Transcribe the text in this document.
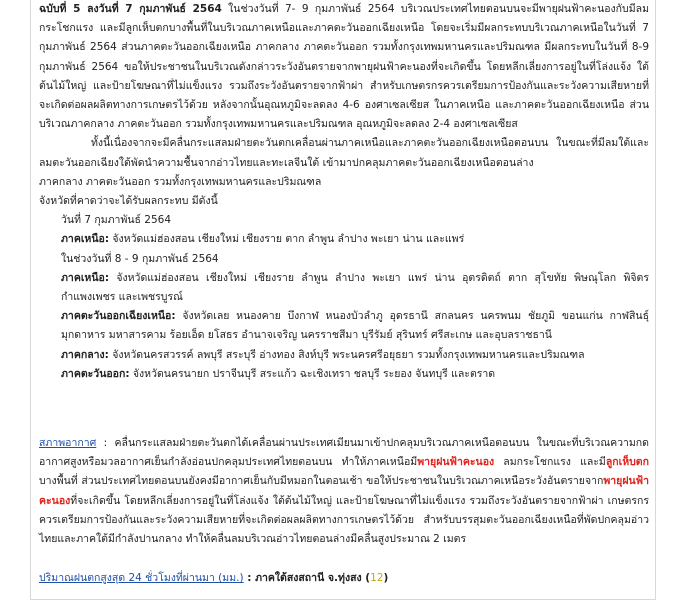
ฉบับที่ 5 ลงวันที่ 7 กุมภาพันธ์ 2564 ในช่วงวันที่ 7- 9 กุมภาพันธ์ 2564 บริเวณประเทศไทยตอนบนจะมีพายุฝนฟ้าคะนองกับมีลมกระโชกแรง และมีลูกเห็บตกบางพื้นที่ในบริเวณภาคเหนือและภาคตะวันออกเฉียงเหนือ โดยจะเริ่มมีผลกระทบบริเวณภาคเหนือในวันที่ 7 กุมภาพันธ์ 2564 ส่วนภาคตะวันออกเฉียงเหนือ ภาคกลาง ภาคตะวันออก รวมทั้งกรุงเทพมหานครและปริมณฑล มีผลกระทบในวันที่ 8-9 กุมภาพันธ์ 2564 ขอให้ประชาชนในบริเวณดังกล่าวระวังอันตรายจากพายุฝนฟ้าคะนองที่จะเกิดขึ้น โดยหลีกเลี่ยงการอยู่ในที่โล่งแจ้ง ใต้ต้นไม้ใหญ่ และป้ายโฆษณาที่ไม่แข็งแรง รวมถึงระวังอันตรายจากฟ้าผ่า สำหรับเกษตรกรควรเตรียมการป้องกันและระวังความเสียหายที่จะเกิดต่อผลผลิตทางการเกษตรไว้ด้วย หลังจากนั้นอุณหภูมิจะลดลง 4-6 องศาเซลเซียส ในภาคเหนือ และภาคตะวันออกเฉียงเหนือ ส่วนบริเวณภาคกลาง ภาคตะวันออก รวมทั้งกรุงเทพมหานครและปริมณฑล อุณหภูมิจะลดลง 2-4 องศาเซลเซียส

ทั้งนี้เนื่องจากจะมีคลื่นกระแสลมฝ่ายตะวันตกเคลื่อนผ่านภาคเหนือและภาคตะวันออกเฉียงเหนือตอนบน ในขณะที่มีลมใต้และลมตะวันออกเฉียงใต้พัดนำความชื้นจากอ่าวไทยและทะเลจีนใต้ เข้ามาปกคลุมภาคตะวันออกเฉียงเหนือตอนล่าง

ภาคกลาง ภาคตะวันออก รวมทั้งกรุงเทพมหานครและปริมณฑล

จังหวัดที่คาดว่าจะได้รับผลกระทบ มีดังนี้

วันที่ 7 กุมภาพันธ์ 2564

ภาคเหนือ: จังหวัดแม่ฮ่องสอน เชียงใหม่ เชียงราย ตาก ลำพูน ลำปาง พะเยา น่าน และแพร่

ในช่วงวันที่ 8 - 9 กุมภาพันธ์ 2564

ภาคเหนือ: จังหวัดแม่ฮ่องสอน เชียงใหม่ เชียงราย ลำพูน ลำปาง พะเยา แพร่ น่าน อุตรดิตถ์ ตาก สุโขทัย พิษณุโลก พิจิตร กำแพงเพชร และเพชรบูรณ์

ภาคตะวันออกเฉียงเหนือ: จังหวัดเลย หนองคาย บึงกาฬ หนองบัวลำภู อุดรธานี สกลนคร นครพนม ชัยภูมิ ขอนแก่น กาฬสินธุ์ มุกดาหาร มหาสารคาม ร้อยเอ็ด ยโสธร อำนาจเจริญ นครราชสีมา บุรีรัมย์ สุรินทร์ ศรีสะเกษ และอุบลราชธานี

ภาคกลาง: จังหวัดนครสวรรค์ ลพบุรี สระบุรี อ่างทอง สิงห์บุรี พระนครศรีอยุธยา รวมทั้งกรุงเทพมหานครและปริมณฑล

ภาคตะวันออก: จังหวัดนครนายก ปราจีนบุรี สระแก้ว ฉะเชิงเทรา ชลบุรี ระยอง จันทบุรี และตราด

สภาพอากาศ : คลื่นกระแสลมฝ่ายตะวันตกได้เคลื่อนผ่านประเทศเมียนมาเข้าปกคลุมบริเวณภาคเหนือตอนบน ในขณะที่บริเวณความกดอากาศสูงหรือมวลอากาศเย็นกำลังอ่อนปกคลุมประเทศไทยตอนบน ทำให้ภาคเหนือมีพายุฝนฟ้าคะนอง ลมกระโชกแรง และมีลูกเห็บตกบางพื้นที่ ส่วนประเทศไทยตอนบนยังคงมีอากาศเย็นกับมีหมอกในตอนเช้า ขอให้ประชาชนในบริเวณภาคเหนือระวังอันตรายจากพายุฝนฟ้าคะนองที่จะเกิดขึ้น โดยหลีกเลี่ยงการอยู่ในที่โล่งแจ้ง ใต้ต้นไม้ใหญ่ และป้ายโฆษณาที่ไม่แข็งแรง รวมถึงระวังอันตรายจากฟ้าผ่า เกษตรกรควรเตรียมการป้องกันและระวังความเสียหายที่จะเกิดต่อผลผลิตทางการเกษตรไว้ด้วย สำหรับบรรสุมตะวันออกเฉียงเหนือที่พัดปกคลุมอ่าวไทยและภาคใต้มีกำลังปานกลาง ทำให้คลื่นลมบริเวณอ่าวไทยตอนล่างมีคลื่นสูงประมาณ 2 เมตร

ปริมาณฝนตกสูงสุด 24 ชั่วโมงที่ผ่านมา (มม.) : ภาคใต้สงสถานี จ.ทุ่งสง (12)
